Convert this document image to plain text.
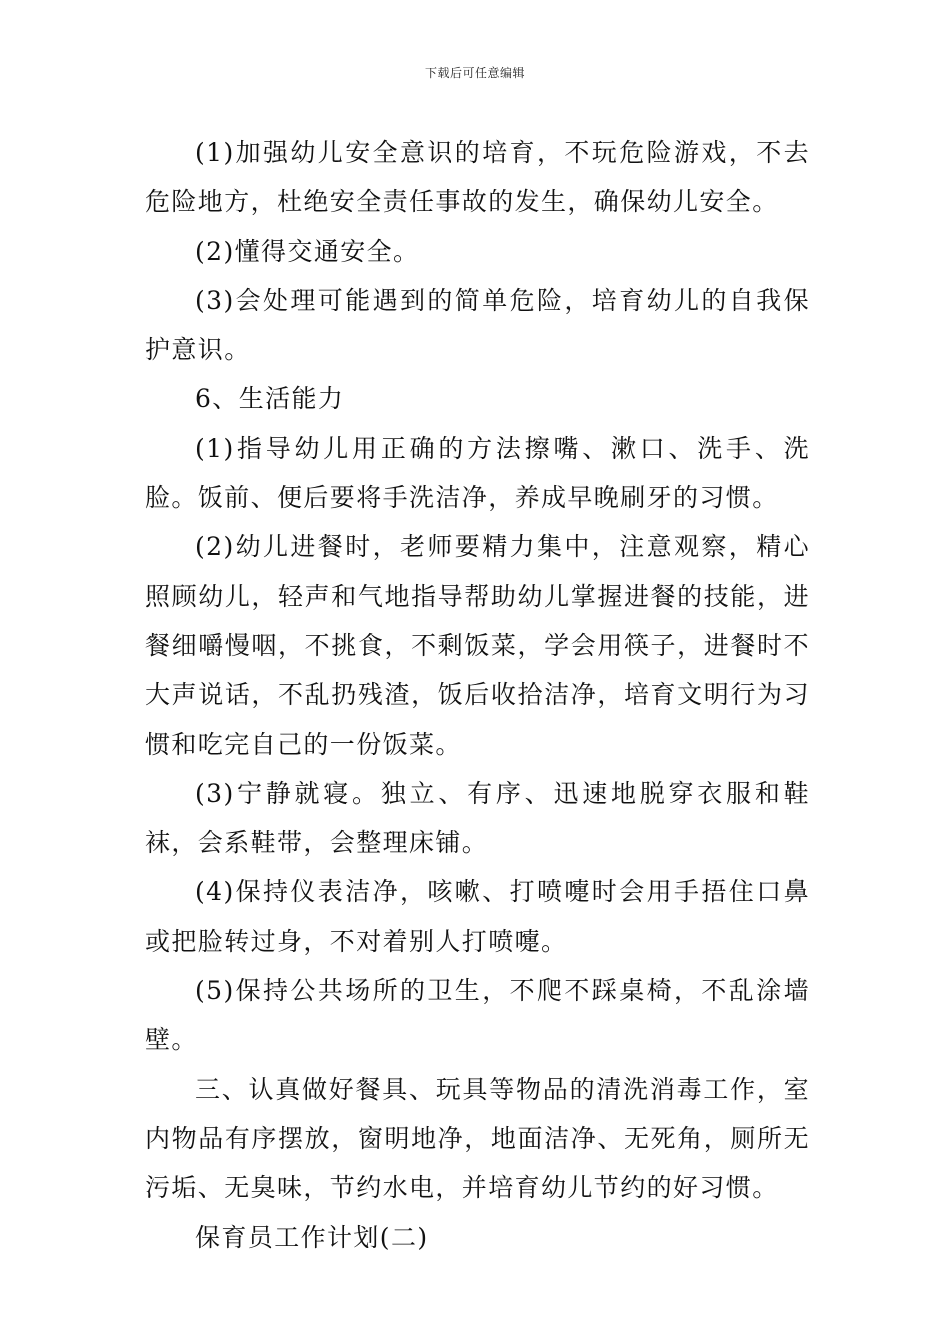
下载后可任意编辑

(1)加强幼儿安全意识的培育，不玩危险游戏，不去危险地方，杜绝安全责任事故的发生，确保幼儿安全。

(2)懂得交通安全。

(3)会处理可能遇到的简单危险，培育幼儿的自我保护意识。

6、生活能力

(1)指导幼儿用正确的方法擦嘴、漱口、洗手、洗脸。饭前、便后要将手洗洁净，养成早晚刷牙的习惯。

(2)幼儿进餐时，老师要精力集中，注意观察，精心照顾幼儿，轻声和气地指导帮助幼儿掌握进餐的技能，进餐细嚼慢咽，不挑食，不剩饭菜，学会用筷子，进餐时不大声说话，不乱扔残渣，饭后收拾洁净，培育文明行为习惯和吃完自己的一份饭菜。

(3)宁静就寝。独立、有序、迅速地脱穿衣服和鞋袜，会系鞋带，会整理床铺。

(4)保持仪表洁净，咳嗽、打喷嚏时会用手捂住口鼻或把脸转过身，不对着别人打喷嚏。

(5)保持公共场所的卫生，不爬不踩桌椅，不乱涂墙壁。

三、认真做好餐具、玩具等物品的清洗消毒工作，室内物品有序摆放，窗明地净，地面洁净、无死角，厕所无污垢、无臭味，节约水电，并培育幼儿节约的好习惯。

保育员工作计划(二)
